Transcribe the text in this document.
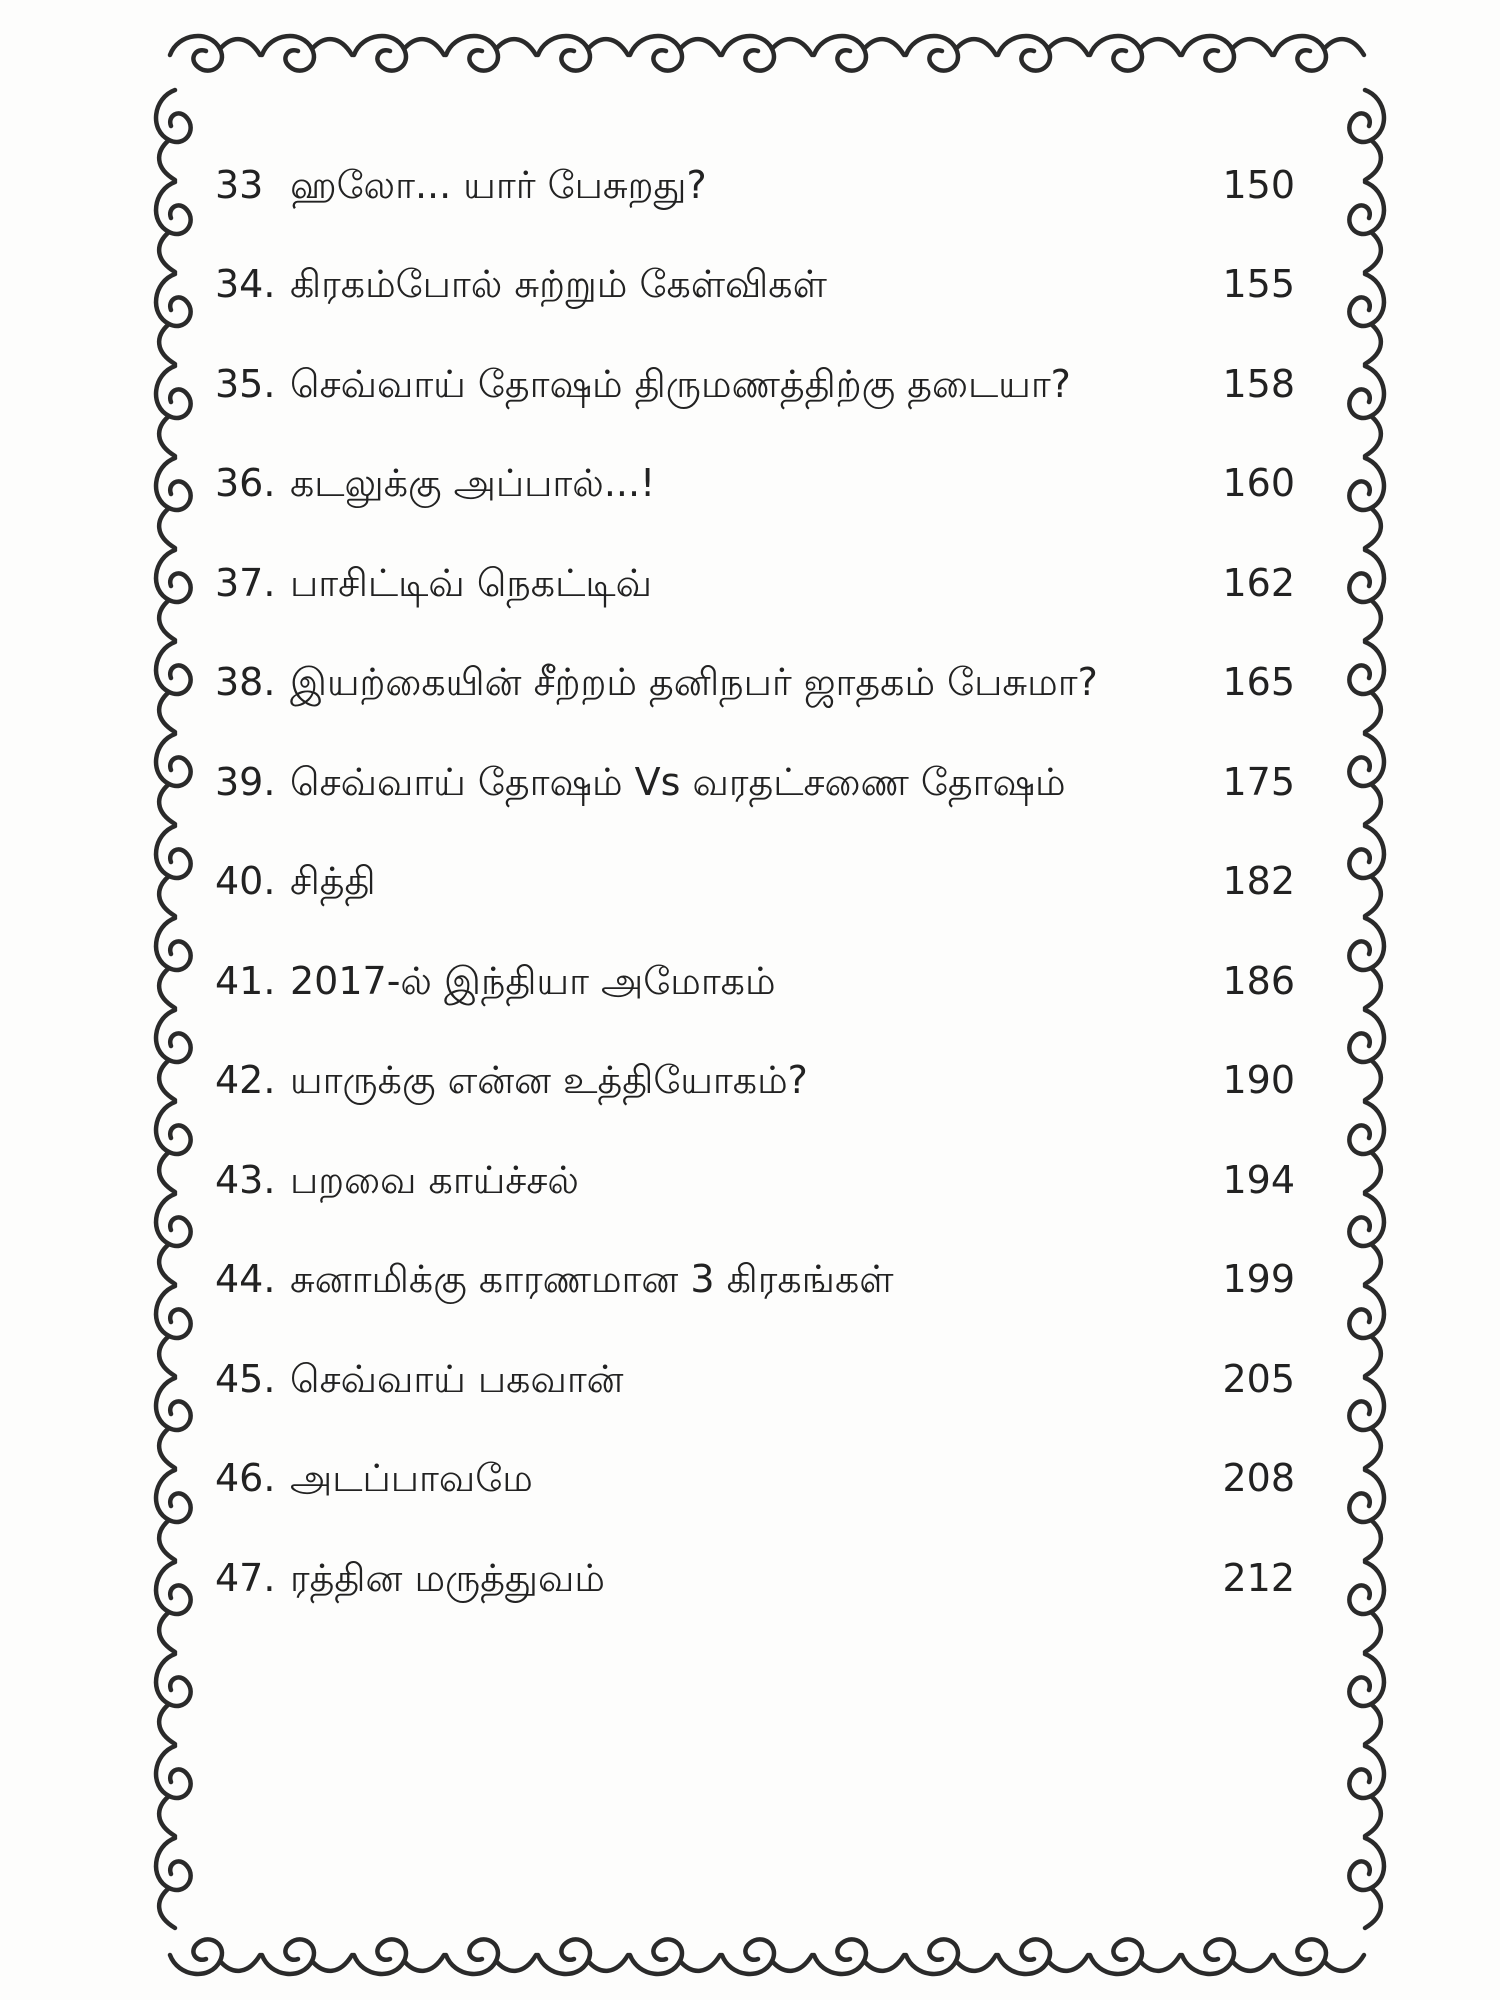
33 ஹலோ... யார் பேசுறது?	150
34. கிரகம்போல் சுற்றும் கேள்விகள்	155
35. செவ்வாய் தோஷம் திருமணத்திற்கு தடையா?	158
36. கடலுக்கு அப்பால்...!	160
37. பாசிட்டிவ் நெகட்டிவ்	162
38. இயற்கையின் சீற்றம் தனிநபர் ஜாதகம் பேசுமா?	165
39. செவ்வாய் தோஷம் Vs வரதட்சணை தோஷம்	175
40. சித்தி	182
41. 2017-ல் இந்தியா அமோகம்	186
42. யாருக்கு என்ன உத்தியோகம்?	190
43. பறவை காய்ச்சல்	194
44. சுனாமிக்கு காரணமான 3 கிரகங்கள்	199
45. செவ்வாய் பகவான்	205
46. அடப்பாவமே	208
47. ரத்தின மருத்துவம்	212
